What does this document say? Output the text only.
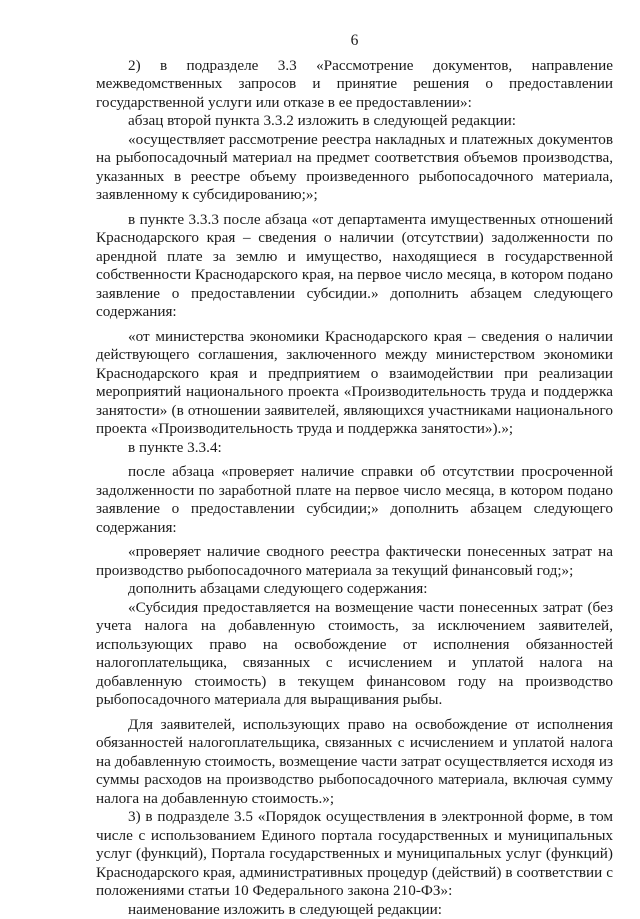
6

2) в подразделе 3.3 «Рассмотрение документов, направление межведомственных запросов и принятие решения о предоставлении государственной услуги или отказе в ее предоставлении»:

абзац второй пункта 3.3.2 изложить в следующей редакции:

«осуществляет рассмотрение реестра накладных и платежных документов на рыбопосадочный материал на предмет соответствия объемов производства, указанных в реестре объему произведенного рыбопосадочного материала, заявленному к субсидированию;»;

в пункте 3.3.3 после абзаца «от департамента имущественных отношений Краснодарского края – сведения о наличии (отсутствии) задолженности по арендной плате за землю и имущество, находящиеся в государственной собственности Краснодарского края, на первое число месяца, в котором подано заявление о предоставлении субсидии.» дополнить абзацем следующего содержания:

«от министерства экономики Краснодарского края – сведения о наличии действующего соглашения, заключенного между министерством экономики Краснодарского края и предприятием о взаимодействии при реализации мероприятий национального проекта «Производительность труда и поддержка занятости» (в отношении заявителей, являющихся участниками национального проекта «Производительность труда и поддержка занятости»).»;

в пункте 3.3.4:

после абзаца «проверяет наличие справки об отсутствии просроченной задолженности по заработной плате на первое число месяца, в котором подано заявление о предоставлении субсидии;» дополнить абзацем следующего содержания:

«проверяет наличие сводного реестра фактически понесенных затрат на производство рыбопосадочного материала за текущий финансовый год;»;

дополнить абзацами следующего содержания:

«Субсидия предоставляется на возмещение части понесенных затрат (без учета налога на добавленную стоимость, за исключением заявителей, использующих право на освобождение от исполнения обязанностей налогоплательщика, связанных с исчислением и уплатой налога на добавленную стоимость) в текущем финансовом году на производство рыбопосадочного материала для выращивания рыбы.

Для заявителей, использующих право на освобождение от исполнения обязанностей налогоплательщика, связанных с исчислением и уплатой налога на добавленную стоимость, возмещение части затрат осуществляется исходя из суммы расходов на производство рыбопосадочного материала, включая сумму налога на добавленную стоимость.»;

3) в подразделе 3.5 «Порядок осуществления в электронной форме, в том числе с использованием Единого портала государственных и муниципальных услуг (функций), Портала государственных и муниципальных услуг (функций) Краснодарского края, административных процедур (действий) в соответствии с положениями статьи 10 Федерального закона 210-ФЗ»:

наименование изложить в следующей редакции:
